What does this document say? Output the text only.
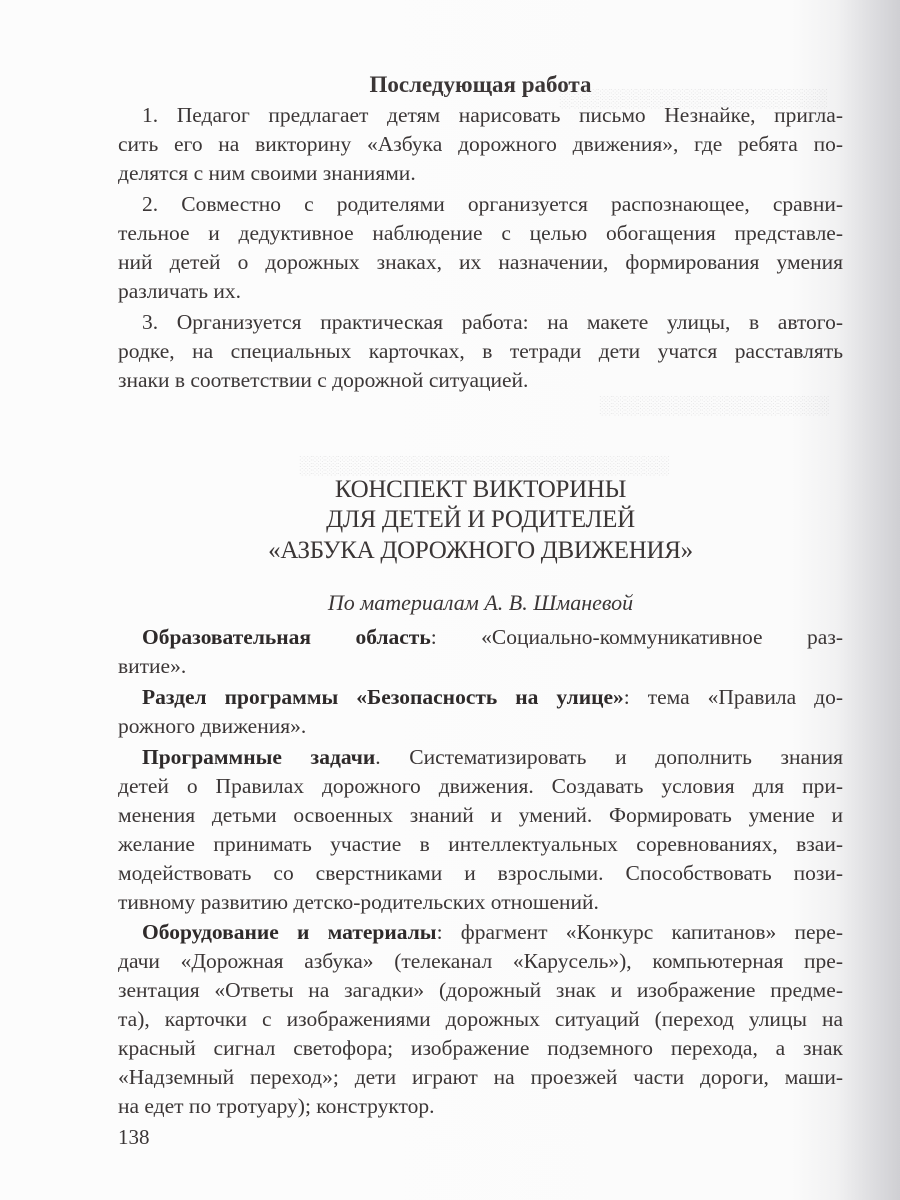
░░░░░░░░░░░░░░░░░░░░░
░░░░░░░░░░░░░░░░░░░░░░░░░░░░░
░░░░░░░░░░░░░░░░░░
Последующая работа
1. Педагог предлагает детям нарисовать письмо Незнайке, пригла-
сить его на викторину «Азбука дорожного движения», где ребята по-
делятся с ним своими знаниями.
2. Совместно с родителями организуется распознающее, сравни-
тельное и дедуктивное наблюдение с целью обогащения представле-
ний детей о дорожных знаках, их назначении, формирования умения
различать их.
3. Организуется практическая работа: на макете улицы, в автого-
родке, на специальных карточках, в тетради дети учатся расставлять
знаки в соответствии с дорожной ситуацией.
КОНСПЕКТ ВИКТОРИНЫ
ДЛЯ ДЕТЕЙ И РОДИТЕЛЕЙ
«АЗБУКА ДОРОЖНОГО ДВИЖЕНИЯ»
По материалам А. В. Шманевой
Образовательная область: «Социально-коммуникативное раз-
витие».
Раздел программы «Безопасность на улице»: тема «Правила до-
рожного движения».
Программные задачи. Систематизировать и дополнить знания
детей о Правилах дорожного движения. Создавать условия для при-
менения детьми освоенных знаний и умений. Формировать умение и
желание принимать участие в интеллектуальных соревнованиях, взаи-
модействовать со сверстниками и взрослыми. Способствовать пози-
тивному развитию детско-родительских отношений.
Оборудование и материалы: фрагмент «Конкурс капитанов» пере-
дачи «Дорожная азбука» (телеканал «Карусель»), компьютерная пре-
зентация «Ответы на загадки» (дорожный знак и изображение предме-
та), карточки с изображениями дорожных ситуаций (переход улицы на
красный сигнал светофора; изображение подземного перехода, а знак
«Надземный переход»; дети играют на проезжей части дороги, маши-
на едет по тротуару); конструктор.
138
